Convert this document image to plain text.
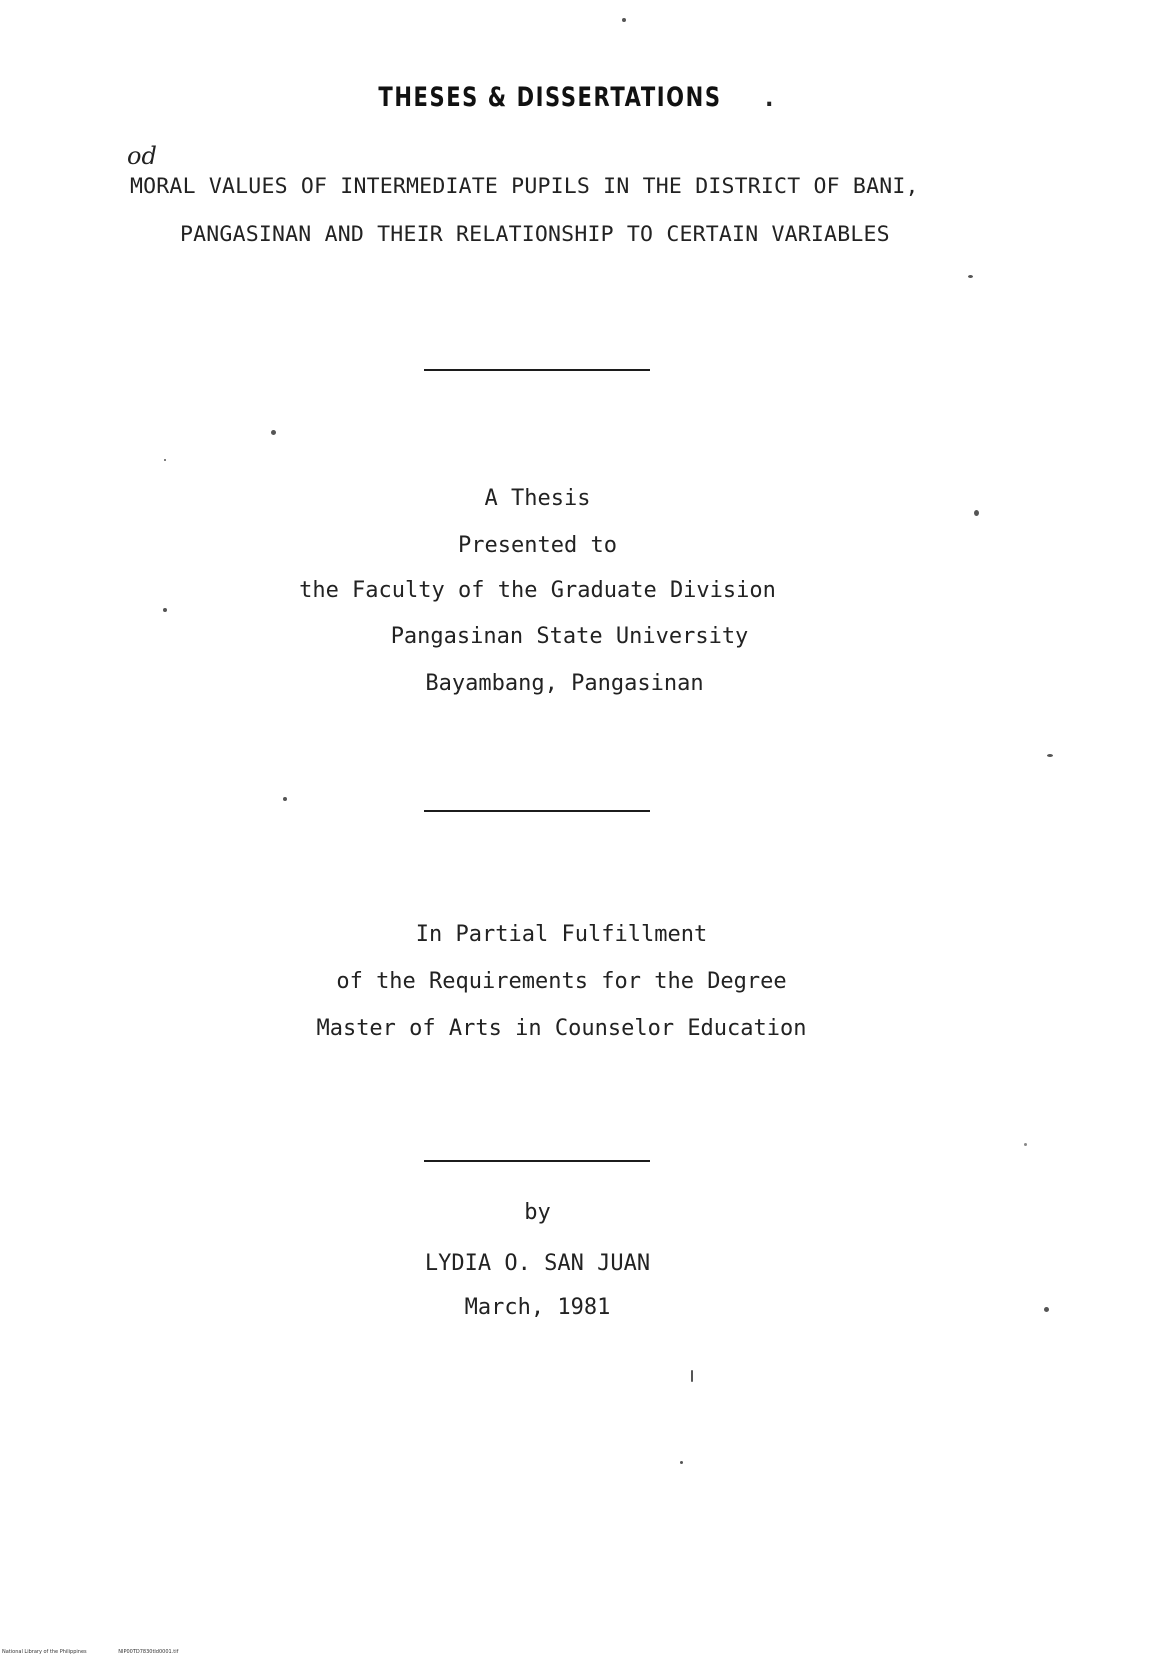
THESES & DISSERTATIONS	.
od
MORAL VALUES OF INTERMEDIATE PUPILS IN THE DISTRICT OF BANI,
PANGASINAN AND THEIR RELATIONSHIP TO CERTAIN VARIABLES
A Thesis
Presented to
the Faculty of the Graduate Division
Pangasinan State University
Bayambang, Pangasinan
In Partial Fulfillment
of the Requirements for the Degree
Master of Arts in Counselor Education
by
LYDIA O. SAN JUAN
March, 1981
National Library of the Philippines	NIP00TD7830tld0001.tif
